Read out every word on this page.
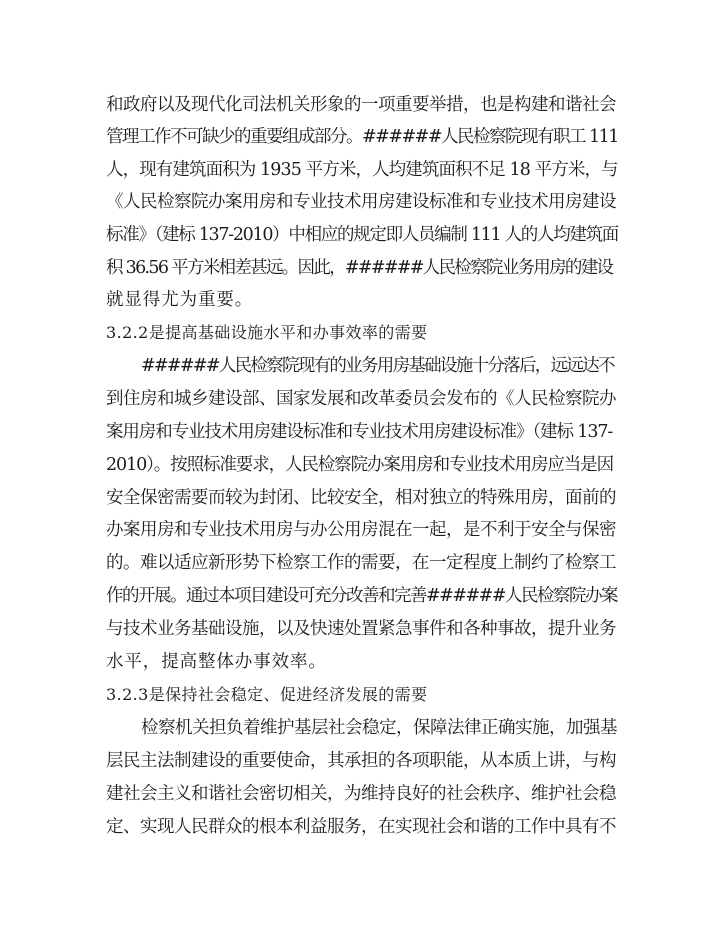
和政府以及现代化司法机关形象的一项重要举措，也是构建和谐社会
管理工作不可缺少的重要组成部分。######人民检察院现有职工 111
人，现有建筑面积为 1935 平方米，人均建筑面积不足 18 平方米，与
《人民检察院办案用房和专业技术用房建设标准和专业技术用房建设
标准》（建标 137-2010）中相应的规定即人员编制 111 人的人均建筑面
积 36.56 平方米相差甚远。因此，######人民检察院业务用房的建设
就显得尤为重要。
3.2.2是提高基础设施水平和办事效率的需要
######人民检察院现有的业务用房基础设施十分落后，远远达不
到住房和城乡建设部、国家发展和改革委员会发布的《人民检察院办
案用房和专业技术用房建设标准和专业技术用房建设标准》（建标 137-
2010）。按照标准要求，人民检察院办案用房和专业技术用房应当是因
安全保密需要而较为封闭、比较安全，相对独立的特殊用房，面前的
办案用房和专业技术用房与办公用房混在一起，是不利于安全与保密
的。难以适应新形势下检察工作的需要，在一定程度上制约了检察工
作的开展。通过本项目建设可充分改善和完善######人民检察院办案
与技术业务基础设施，以及快速处置紧急事件和各种事故，提升业务
水平，提高整体办事效率。
3.2.3是保持社会稳定、促进经济发展的需要
检察机关担负着维护基层社会稳定，保障法律正确实施，加强基
层民主法制建设的重要使命，其承担的各项职能，从本质上讲，与构
建社会主义和谐社会密切相关，为维持良好的社会秩序、维护社会稳
定、实现人民群众的根本利益服务，在实现社会和谐的工作中具有不
